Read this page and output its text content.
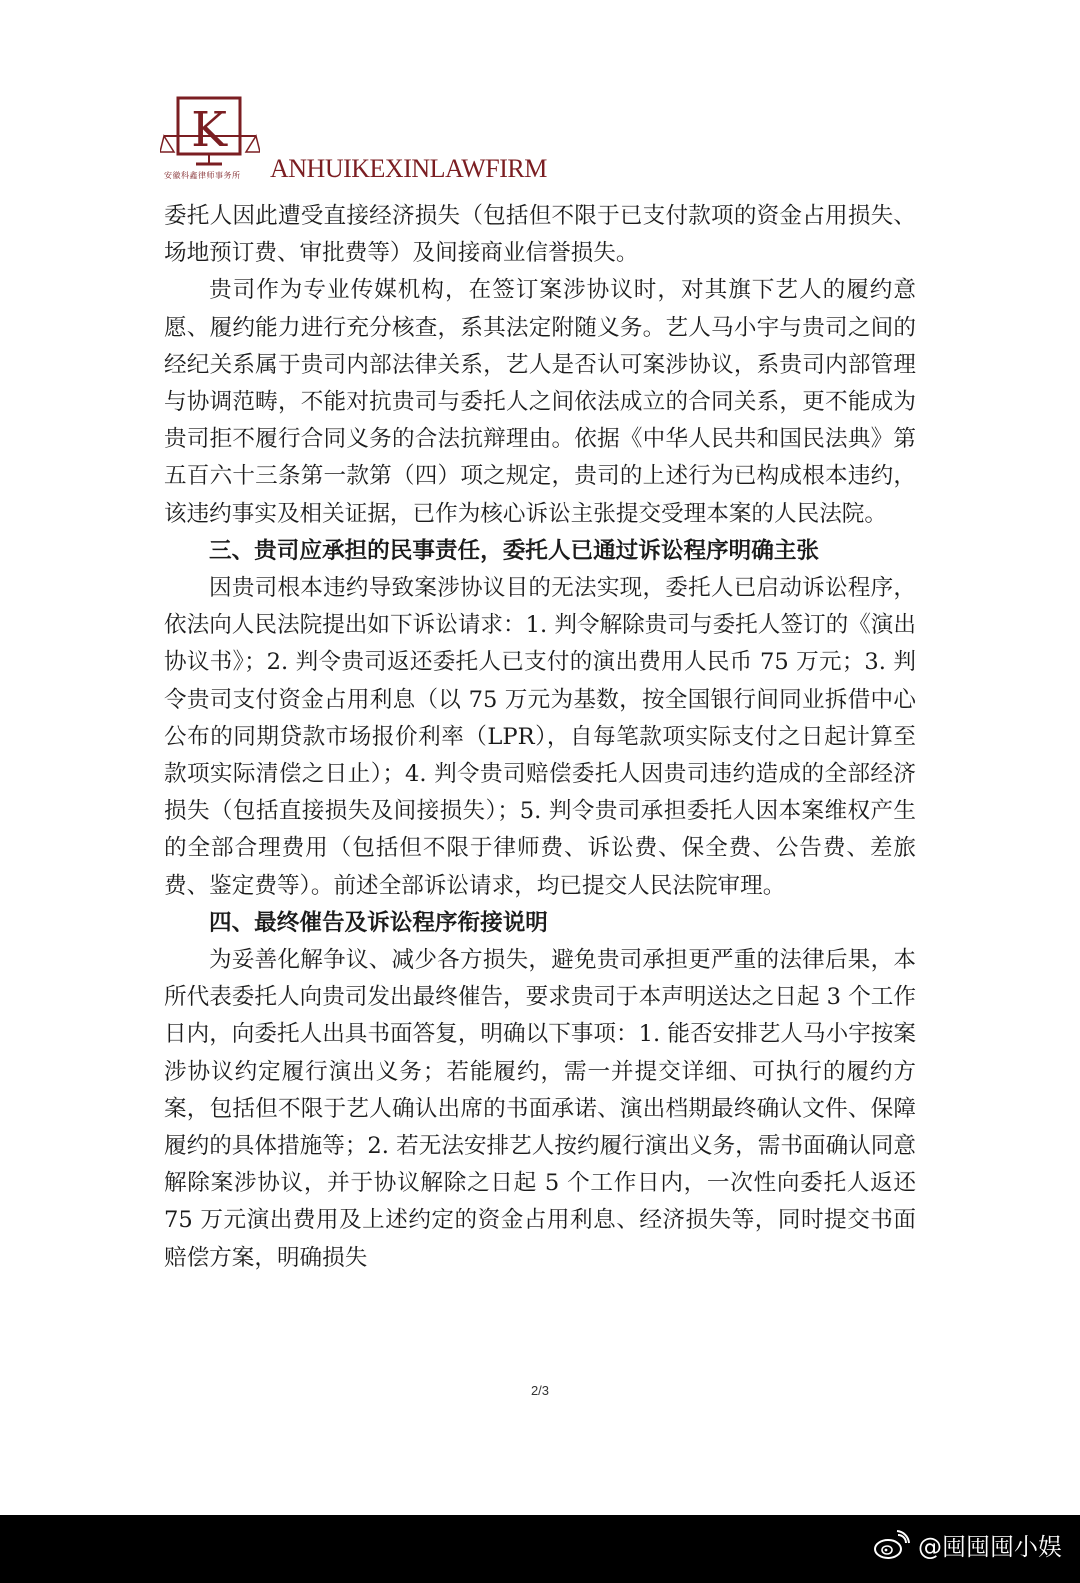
K
安徽科鑫律师事务所 ANHUIKEXINLAWFIRM

委托人因此遭受直接经济损失（包括但不限于已支付款项的资金占用损失、场地预订费、审批费等）及间接商业信誉损失。

贵司作为专业传媒机构，在签订案涉协议时，对其旗下艺人的履约意愿、履约能力进行充分核查，系其法定附随义务。艺人马小宇与贵司之间的经纪关系属于贵司内部法律关系，艺人是否认可案涉协议，系贵司内部管理与协调范畴，不能对抗贵司与委托人之间依法成立的合同关系，更不能成为贵司拒不履行合同义务的合法抗辩理由。依据《中华人民共和国民法典》第五百六十三条第一款第（四）项之规定，贵司的上述行为已构成根本违约，该违约事实及相关证据，已作为核心诉讼主张提交受理本案的人民法院。

三、贵司应承担的民事责任，委托人已通过诉讼程序明确主张

因贵司根本违约导致案涉协议目的无法实现，委托人已启动诉讼程序，依法向人民法院提出如下诉讼请求：1. 判令解除贵司与委托人签订的《演出协议书》；2. 判令贵司返还委托人已支付的演出费用人民币 75 万元；3. 判令贵司支付资金占用利息（以 75 万元为基数，按全国银行间同业拆借中心公布的同期贷款市场报价利率（LPR），自每笔款项实际支付之日起计算至款项实际清偿之日止）；4. 判令贵司赔偿委托人因贵司违约造成的全部经济损失（包括直接损失及间接损失）；5. 判令贵司承担委托人因本案维权产生的全部合理费用（包括但不限于律师费、诉讼费、保全费、公告费、差旅费、鉴定费等）。前述全部诉讼请求，均已提交人民法院审理。

四、最终催告及诉讼程序衔接说明

为妥善化解争议、减少各方损失，避免贵司承担更严重的法律后果，本所代表委托人向贵司发出最终催告，要求贵司于本声明送达之日起 3 个工作日内，向委托人出具书面答复，明确以下事项：1. 能否安排艺人马小宇按案涉协议约定履行演出义务；若能履约，需一并提交详细、可执行的履约方案，包括但不限于艺人确认出席的书面承诺、演出档期最终确认文件、保障履约的具体措施等；2. 若无法安排艺人按约履行演出义务，需书面确认同意解除案涉协议，并于协议解除之日起 5 个工作日内，一次性向委托人返还 75 万元演出费用及上述约定的资金占用利息、经济损失等，同时提交书面赔偿方案，明确损失

2/3
@囤囤囤小娱
